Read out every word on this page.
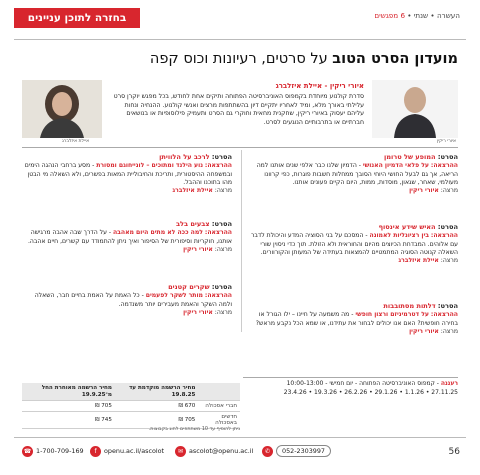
בחזרה לתוכן עניינים	העשרה • שנתי • 6 מפגשים
מועדון הסרט הטוב על סרטים, רעיונות וכוס קפה
איורי ריקין
איילת איזלברג
איורי ריקין - איילת איזלברג
סדרת קולנוע מיוחדת בקמפוס האוניברסיטה הפתוחה ותיקים אחת לחודש, בכל מפגש יוקרן סרט עלילתי באורך מלא, ומיד לאחריו יתקיים דיון בהשתתפות מרצים ואנשי קולנוע. ההנחיה ונחות עליהם יעסוק באיורי ריקין, שחקנית מחאית וחוקרי גם הסרט ותעמיק פילוסופיות או בנושאים חברתיים או בתרבותיים הנוגעים לסרט.
הסרט: המופע של טרומן
ההרצאה: על פלאי הדמיון האנושי - הדמיון שלנו כבר אלפי שנים אותנו למה הריאה, אך גם לבעל החושי היוחי הסובך ממחלות חשבות פוגרות, כפי קרוונו מעולמי, שאחר, שגאון, מוסדות, ממות, היום הקיים פעונים אותנו.
מרצה: איורי ריקין
הסרט: האיש שידע אינסוף
ההרצאה: בין רציונליות לאמונה - המסכם על בני הסוציה המדע והיכולת לדבר עם אלוהים. המבדחת הכיוצים מהיום והחוראית ולא הזולת. תוך כדי ניסוין שורי השאלה קנוטה הסוגיה המתמטיים להמצאות בעתידה של המעותן והקורוורים.
מרצה: איילת איזלברג
הסרט: דלתות מסתובבות
ההרצאה: על דטרמיניזם ורצון חופשי - מה משמעה על חיינו – ילו הגורל או בחירה חופשית? האם אנו יכולים לבחור את עתידנו, או שמא הכל נקבע מראש?
מרצה: איורי ריקין
הסרט: לרכב על הלוויתן
ההרצאה: נוע הילנד ומתוכים – לונייחוגם ומסורת - מסע ברחבי הנהגה הימים ובמשפחה ההיסטורית, ותריכת והחיבוליית המאות בפשרים, ולא השאלה מי הבטן מהו בתוכנו וההבל.
מרצה: איילת איזלברג
הסרט: צבעים בלב
ההרצאה: למה ככה לא מתים היום מאהבה - על הדרך שבה אהבה מרגישה אותנו, חוקריות וסיפורית של הסיפור ואיך ניתן להתמודד עם קשרים, חיים אהבה.
מרצה: איורי ריקין
הסרט: שקרים קטנים
ההרצאה: מותר לשקר לפעמים - כל האמת על האמת בחיים חבר, השאלה ולמה השקר והאמת מעבירים יותר משנדמה.
מרצה: איורי ריקין
רעננה - קמפוס האוניברסיטה הפתוחה - יום חמישי - 10:00-13:00
27.11.25 • 1.1.26 • 29.1.26 • 26.2.26 • 19.3.26 • 23.4.26
	מחיר הרשמה מוקדמת עד 19.8.25	מחיר הרשמה מאוחרת החל מ־19.9.25
חברי אסכולה	670 ₪	705 ₪
חדשים באסכולה	705 ₪	745 ₪
ניתן להוסיף עד 10 משתתפים לחוג בקבוצות.
56
✆	052-2303997
✉ ascolot@openu.ac.il
f	openu.ac.il/ascolot
☎ 1-700-709-169
